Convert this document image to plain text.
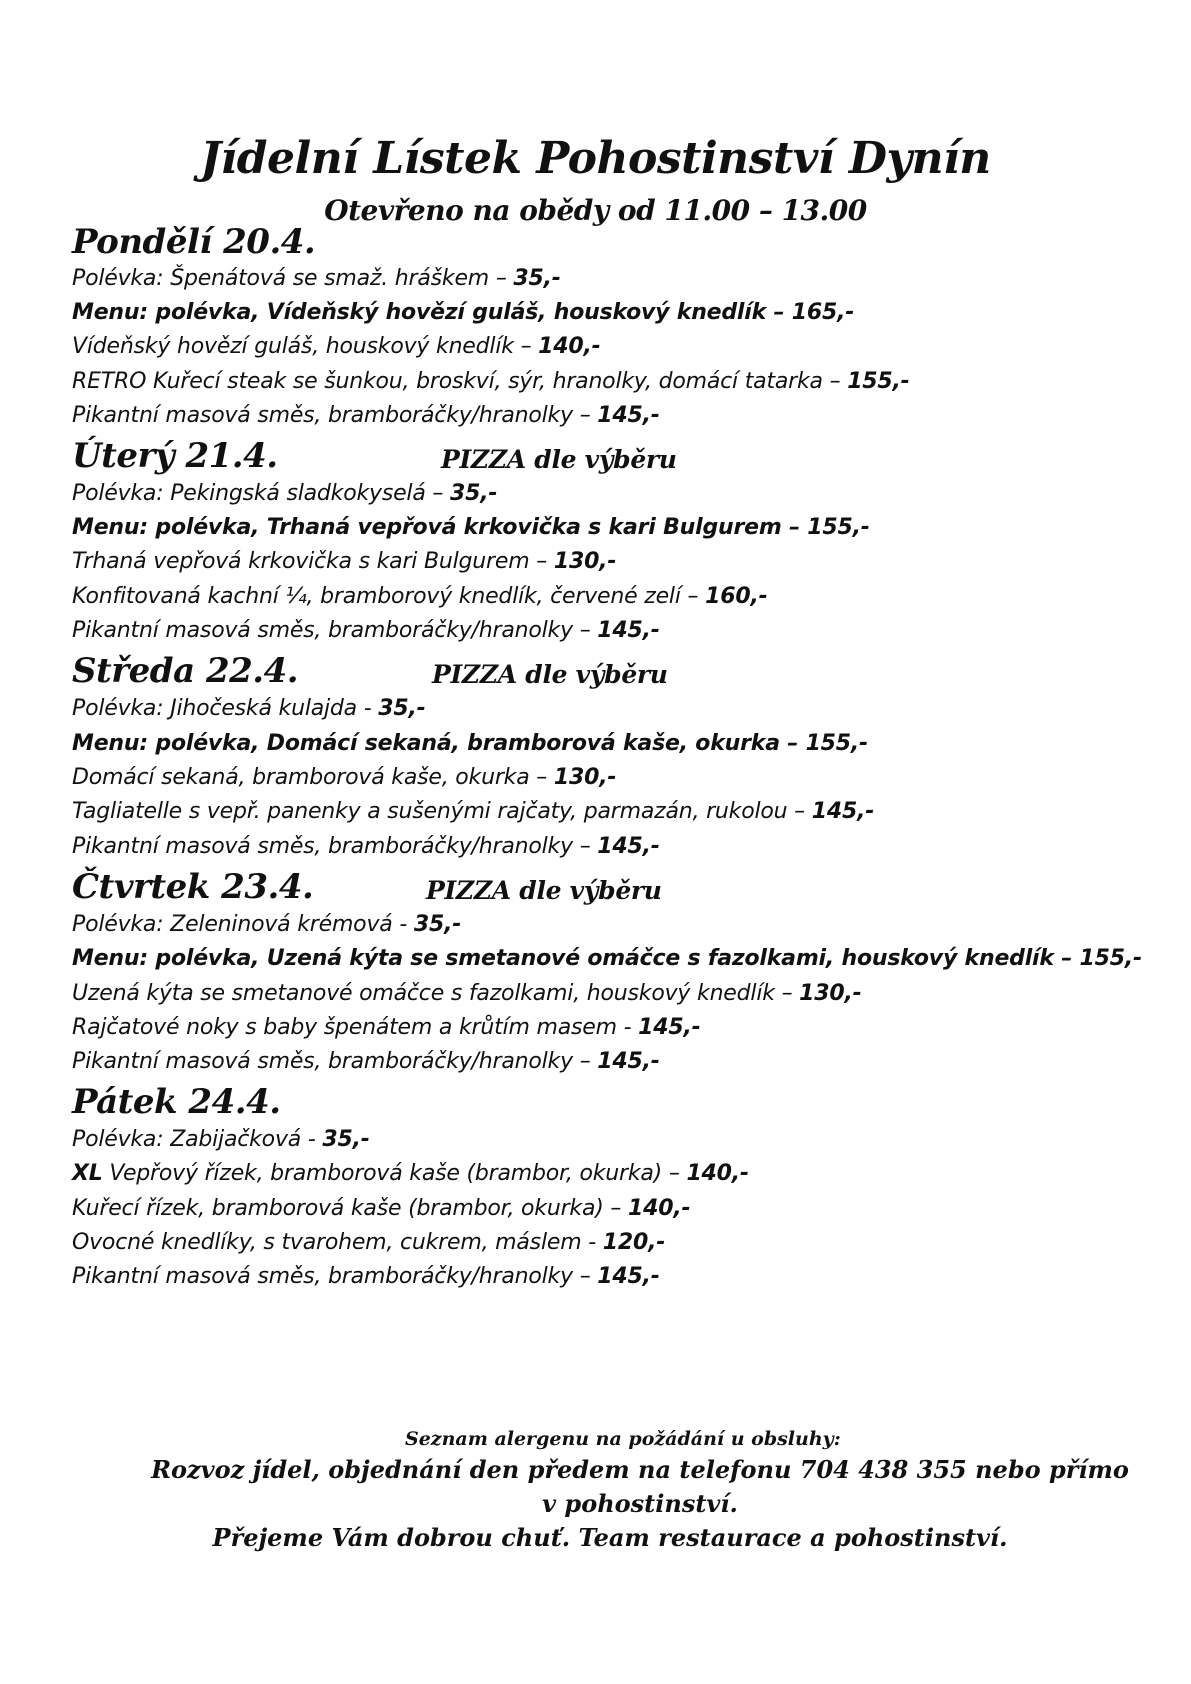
Jídelní Lístek Pohostinství Dynín
Otevřeno na obědy od 11.00 – 13.00
Pondělí 20.4.
Polévka: Špenátová se smaž. hráškem – 35,-
Menu: polévka, Vídeňský hovězí guláš, houskový knedlík – 165,-
Vídeňský hovězí guláš, houskový knedlík – 140,-
RETRO Kuřecí steak se šunkou, broskví, sýr, hranolky, domácí tatarka – 155,-
Pikantní masová směs, bramboráčky/hranolky – 145,-
Úterý 21.4.	PIZZA dle výběru
Polévka: Pekingská sladkokyselá – 35,-
Menu: polévka, Trhaná vepřová krkovička s kari Bulgurem – 155,-
Trhaná vepřová krkovička s kari Bulgurem – 130,-
Konfitovaná kachní ¼, bramborový knedlík, červené zelí – 160,-
Pikantní masová směs, bramboráčky/hranolky – 145,-
Středa 22.4.	PIZZA dle výběru
Polévka: Jihočeská kulajda - 35,-
Menu: polévka, Domácí sekaná, bramborová kaše, okurka – 155,-
Domácí sekaná, bramborová kaše, okurka – 130,-
Tagliatelle s vepř. panenky a sušenými rajčaty, parmazán, rukolou – 145,-
Pikantní masová směs, bramboráčky/hranolky – 145,-
Čtvrtek 23.4.	PIZZA dle výběru
Polévka: Zeleninová krémová - 35,-
Menu: polévka, Uzená kýta se smetanové omáčce s fazolkami, houskový knedlík – 155,-
Uzená kýta se smetanové omáčce s fazolkami, houskový knedlík – 130,-
Rajčatové noky s baby špenátem a krůtím masem - 145,-
Pikantní masová směs, bramboráčky/hranolky – 145,-
Pátek 24.4.
Polévka: Zabijačková - 35,-
XL Vepřový řízek, bramborová kaše (brambor, okurka) – 140,-
Kuřecí řízek, bramborová kaše (brambor, okurka) – 140,-
Ovocné knedlíky, s tvarohem, cukrem, máslem - 120,-
Pikantní masová směs, bramboráčky/hranolky – 145,-
Seznam alergenu na požádání u obsluhy:
Rozvoz jídel, objednání den předem na telefonu 704 438 355 nebo přímo v pohostinství.
Přejeme Vám dobrou chuť. Team restaurace a pohostinství.
